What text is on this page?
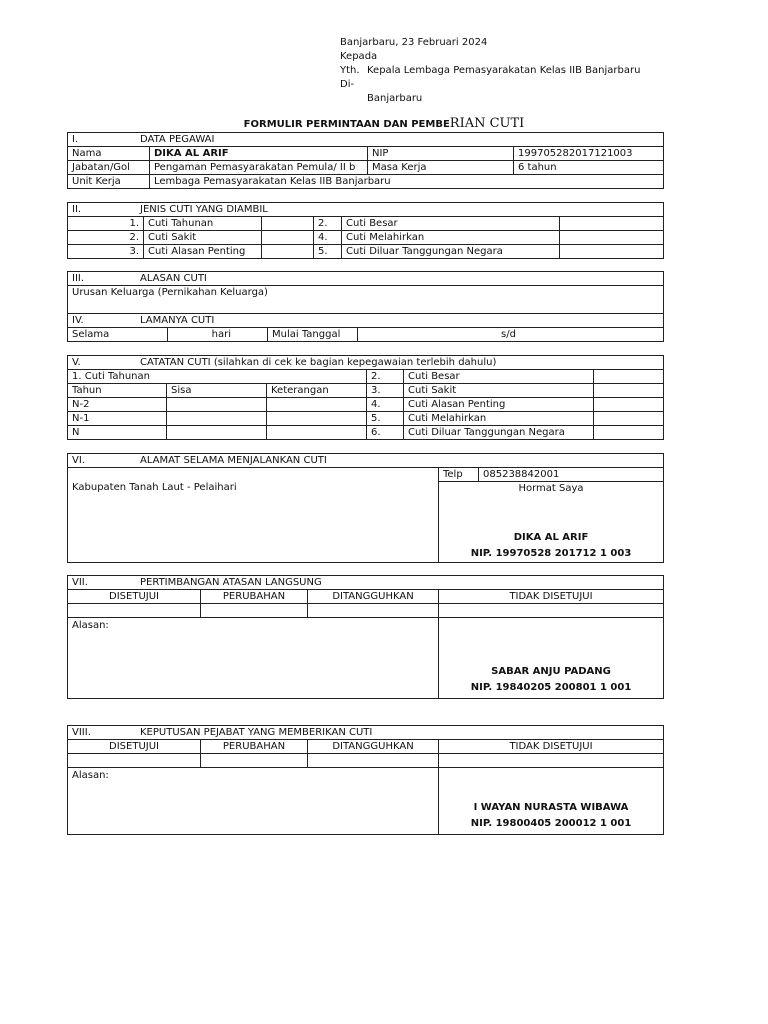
Banjarbaru, 23 Februari 2024
Kepada
Yth. Kepala Lembaga Pemasyarakatan Kelas IIB Banjarbaru
Di-
Banjarbaru
FORMULIR PERMINTAAN DAN PEMBERIAN CUTI
I. DATA PEGAWAI			
Nama	DIKA AL ARIF	NIP	199705282017121003
Jabatan/Gol	Pengaman Pemasyarakatan Pemula/ II b	Masa Kerja	6 tahun
Unit Kerja	Lembaga Pemasyarakatan Kelas IIB Banjarbaru		
II. JENIS CUTI YANG DIAMBIL					
1.	Cuti Tahunan		2.	Cuti Besar	
2.	Cuti Sakit		4.	Cuti Melahirkan	
3.	Cuti Alasan Penting		5.	Cuti Diluar Tanggungan Negara	
III.	ALASAN CUTI
Urusan Keluarga (Pernikahan Keluarga)
IV.	LAMANYA CUTI
Selama	hari	Mulai Tanggal	s/d
V. CATATAN CUTI (silahkan di cek ke bagian kepegawaian terlebih dahulu)					
1. Cuti Tahunan			2.	Cuti Besar	
Tahun	Sisa	Keterangan	3.	Cuti Sakit	
N-2			4.	Cuti Alasan Penting	
N-1			5.	Cuti Melahirkan	
N			6.	Cuti Diluar Tanggungan Negara	
VI.	ALAMAT SELAMA MENJALANKAN CUTI
Kabupaten Tanah Laut - Pelaihari	Telp	085238842001

Hormat Saya
DIKA AL ARIF
NIP. 19970528 201712 1 003
VII. PERTIMBANGAN ATASAN LANGSUNG			
DISETUJUI	PERUBAHAN	DITANGGUHKAN	TIDAK DISETUJUI

Alasan:			SABAR ANJU PADANG
NIP. 19840205 200801 1 001
VIII. KEPUTUSAN PEJABAT YANG MEMBERIKAN CUTI			
DISETUJUI	PERUBAHAN	DITANGGUHKAN	TIDAK DISETUJUI

Alasan:			I WAYAN NURASTA WIBAWA
NIP. 19800405 200012 1 001
